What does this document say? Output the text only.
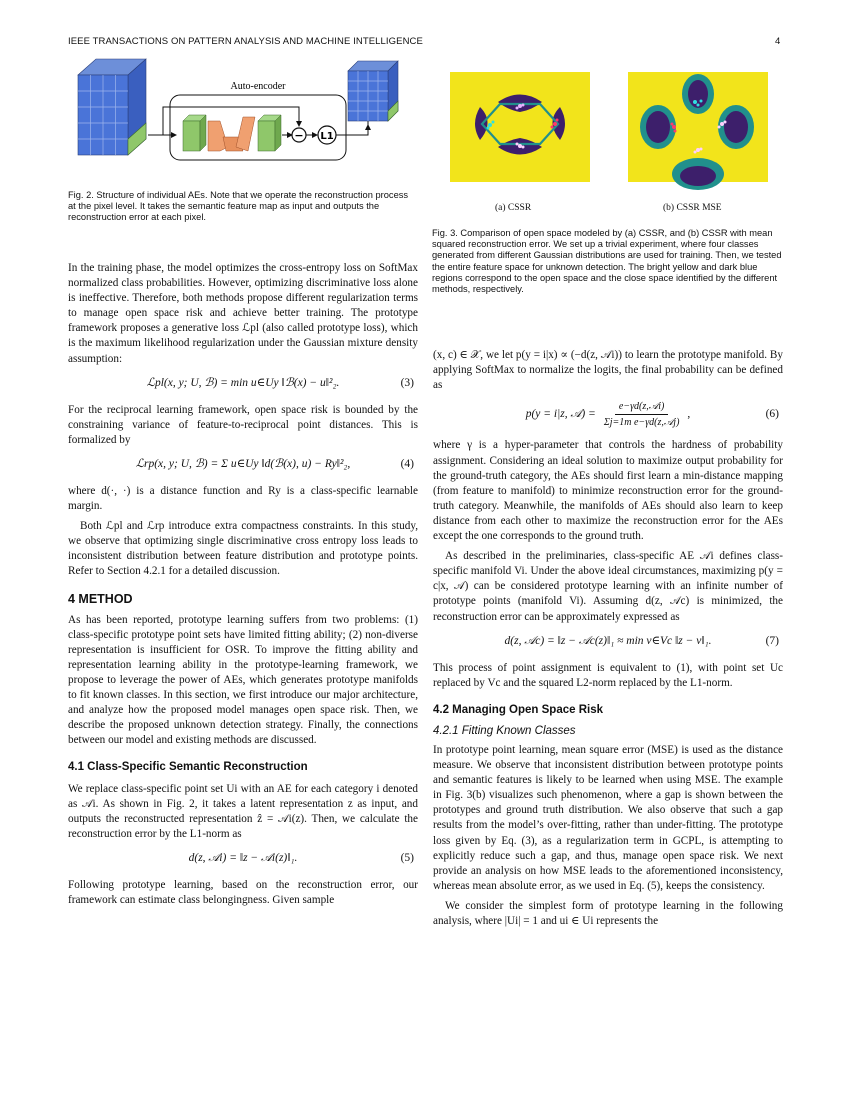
IEEE TRANSACTIONS ON PATTERN ANALYSIS AND MACHINE INTELLIGENCE	4
Auto-encoder
− L1
Fig. 2. Structure of individual AEs. Note that we operate the reconstruction process at the pixel level. It takes the semantic feature map as input and outputs the reconstruction error at each pixel.
(a) CSSR	(b) CSSR MSE
Fig. 3. Comparison of open space modeled by (a) CSSR, and (b) CSSR with mean squared reconstruction error. We set up a trivial experiment, where four classes generated from different Gaussian distributions are used for training. Then, we tested the entire feature space for unknown detection. The bright yellow and dark blue regions correspond to the open space and the close space identified by the different methods, respectively.

In the training phase, the model optimizes the cross-entropy loss on SoftMax normalized class probabilities. However, optimizing discriminative loss alone is ineffective. Therefore, both methods propose different regularization terms to manage open space risk and achieve better training. The prototype framework proposes a generative loss ℒpl (also called prototype loss), which is the maximum likelihood regularization under the Gaussian mixture density assumption:

ℒpl(x, y; U, ℬ) = min u∈Uy ‖ℬ(x) − u‖²₂.	(3)

For the reciprocal learning framework, open space risk is bounded by the constraining variance of feature-to-reciprocal point distances. This is formalized by

ℒrp(x, y; U, ℬ) = Σ u∈Uy ‖d(ℬ(x), u) − Ry‖²₂,	(4)

where d(·, ·) is a distance function and Ry is a class-specific learnable margin.

Both ℒpl and ℒrp introduce extra compactness constraints. In this study, we observe that optimizing single discriminative cross entropy loss leads to inconsistent distribution between feature distribution and prototype points. Refer to Section 4.2.1 for a detailed discussion.

4 METHOD

As has been reported, prototype learning suffers from two problems: (1) class-specific prototype point sets have limited fitting ability; (2) non-diverse representation is insufficient for OSR. To improve the fitting ability and representation learning ability in the prototype-learning framework, we propose to leverage the power of AEs, which generates prototype manifolds to fit known classes. In this section, we first introduce our major architecture, and analyze how the proposed model manages open space risk. Then, we describe the proposed unknown detection strategy. Finally, the connections between our model and existing methods are discussed.

4.1 Class-Specific Semantic Reconstruction

We replace class-specific point set Ui with an AE for each category i denoted as 𝒜i. As shown in Fig. 2, it takes a latent representation z as input, and outputs the reconstructed representation ẑ = 𝒜i(z). Then, we calculate the reconstruction error by the L1-norm as

d(z, 𝒜i) = ‖z − 𝒜i(z)‖₁.	(5)

Following prototype learning, based on the reconstruction error, our framework can estimate class belongingness. Given sample

(x, c) ∈ 𝒳, we let p(y = i|x) ∝ (−d(z, 𝒜i)) to learn the prototype manifold. By applying SoftMax to normalize the logits, the final probability can be defined as

p(y = i|z, 𝒜) = $\frac{\text{e−γd(z,𝒜i)}}{\text{Σj=1m e−γd(z,𝒜j)}}$ ,	(6)

where γ is a hyper-parameter that controls the hardness of probability assignment. Considering an ideal solution to maximize output probability for the ground-truth category, the AEs should first learn a min-distance mapping (from feature to manifold) to minimize reconstruction error for the ground-truth category. Meanwhile, the manifolds of AEs should also learn to keep distance from each other to maximize the reconstruction error for the AEs except the one corresponds to the ground truth.

As described in the preliminaries, class-specific AE 𝒜i defines class-specific manifold Vi. Under the above ideal circumstances, maximizing p(y = c|x, 𝒜) can be considered prototype learning with an infinite number of prototype points (manifold Vi). Assuming d(z, 𝒜c) is minimized, the reconstruction error can be approximately expressed as

d(z, 𝒜c) = ‖z − 𝒜c(z)‖₁ ≈ min v∈Vc ‖z − v‖₁.	(7)

This process of point assignment is equivalent to (1), with point set Uc replaced by Vc and the squared L2-norm replaced by the L1-norm.

4.2 Managing Open Space Risk
4.2.1 Fitting Known Classes

In prototype point learning, mean square error (MSE) is used as the distance measure. We observe that inconsistent distribution between prototype points and semantic features is likely to be learned when using MSE. The example in Fig. 3(b) visualizes such phenomenon, where a gap is shown between the prototypes and ground truth distribution. We also observe that such a gap results from the model’s over-fitting, rather than under-fitting. The prototype loss given by Eq. (3), as a regularization term in GCPL, is attempting to explicitly reduce such a gap, and thus, manage open space risk. We next provide an analysis on how MSE leads to the aforementioned inconsistency, whereas mean absolute error, as we used in Eq. (5), keeps the consistency.

We consider the simplest form of prototype learning in the following analysis, where |Ui| = 1 and ui ∈ Ui represents the
